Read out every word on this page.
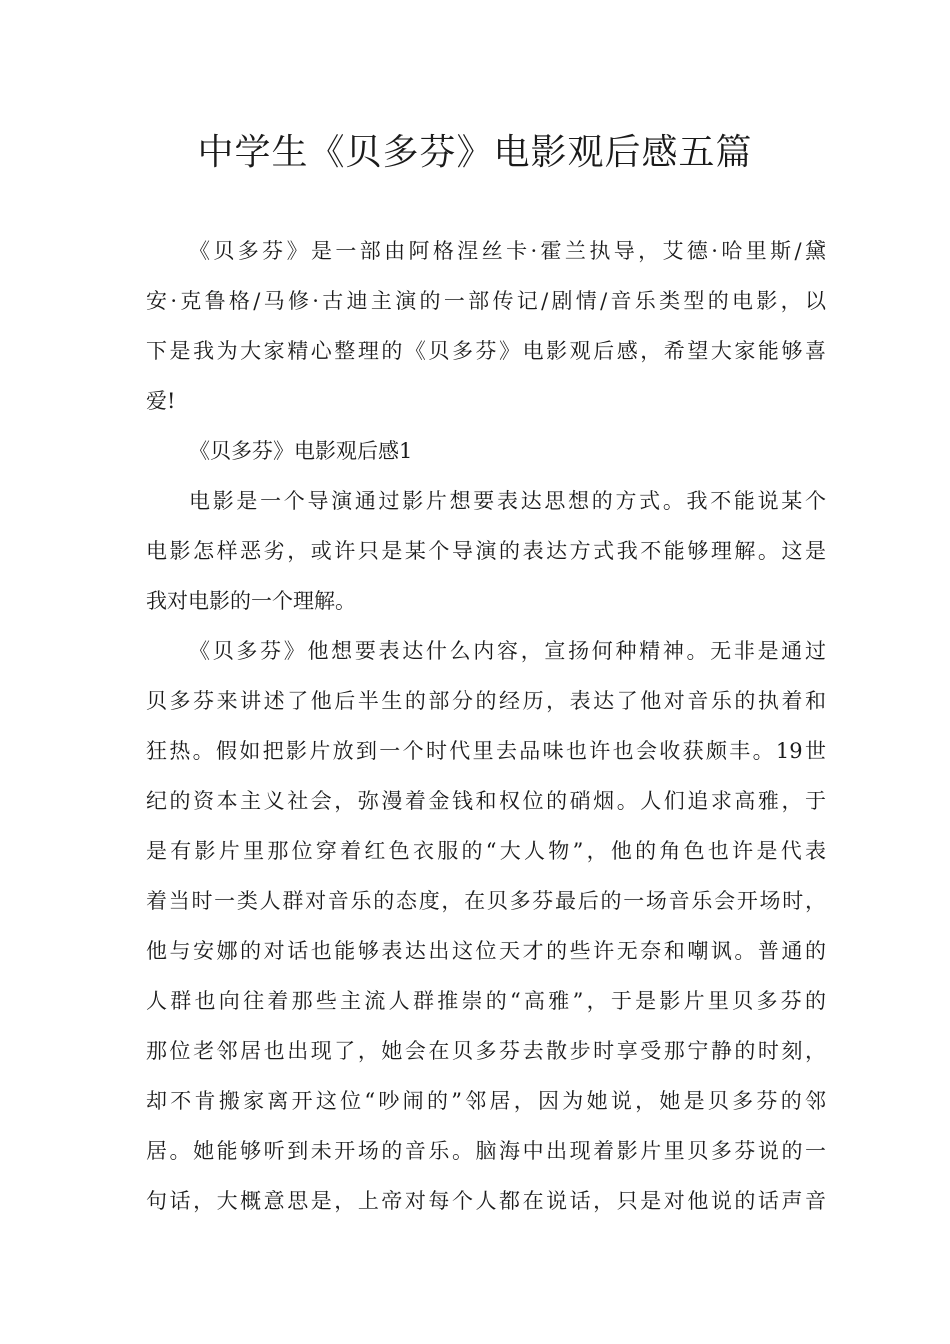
中学生《贝多芬》电影观后感五篇
《贝多芬》是一部由阿格涅丝卡·霍兰执导，艾德·哈里斯/黛
安·克鲁格/马修·古迪主演的一部传记/剧情/音乐类型的电影，以
下是我为大家精心整理的《贝多芬》电影观后感，希望大家能够喜
爱!
《贝多芬》电影观后感1
电影是一个导演通过影片想要表达思想的方式。我不能说某个
电影怎样恶劣，或许只是某个导演的表达方式我不能够理解。这是
我对电影的一个理解。
《贝多芬》他想要表达什么内容，宣扬何种精神。无非是通过
贝多芬来讲述了他后半生的部分的经历，表达了他对音乐的执着和
狂热。假如把影片放到一个时代里去品味也许也会收获颇丰。19世
纪的资本主义社会，弥漫着金钱和权位的硝烟。人们追求高雅，于
是有影片里那位穿着红色衣服的“大人物”，他的角色也许是代表
着当时一类人群对音乐的态度，在贝多芬最后的一场音乐会开场时，
他与安娜的对话也能够表达出这位天才的些许无奈和嘲讽。普通的
人群也向往着那些主流人群推崇的“高雅”，于是影片里贝多芬的
那位老邻居也出现了，她会在贝多芬去散步时享受那宁静的时刻，
却不肯搬家离开这位“吵闹的”邻居，因为她说，她是贝多芬的邻
居。她能够听到未开场的音乐。脑海中出现着影片里贝多芬说的一
句话，大概意思是，上帝对每个人都在说话，只是对他说的话声音
